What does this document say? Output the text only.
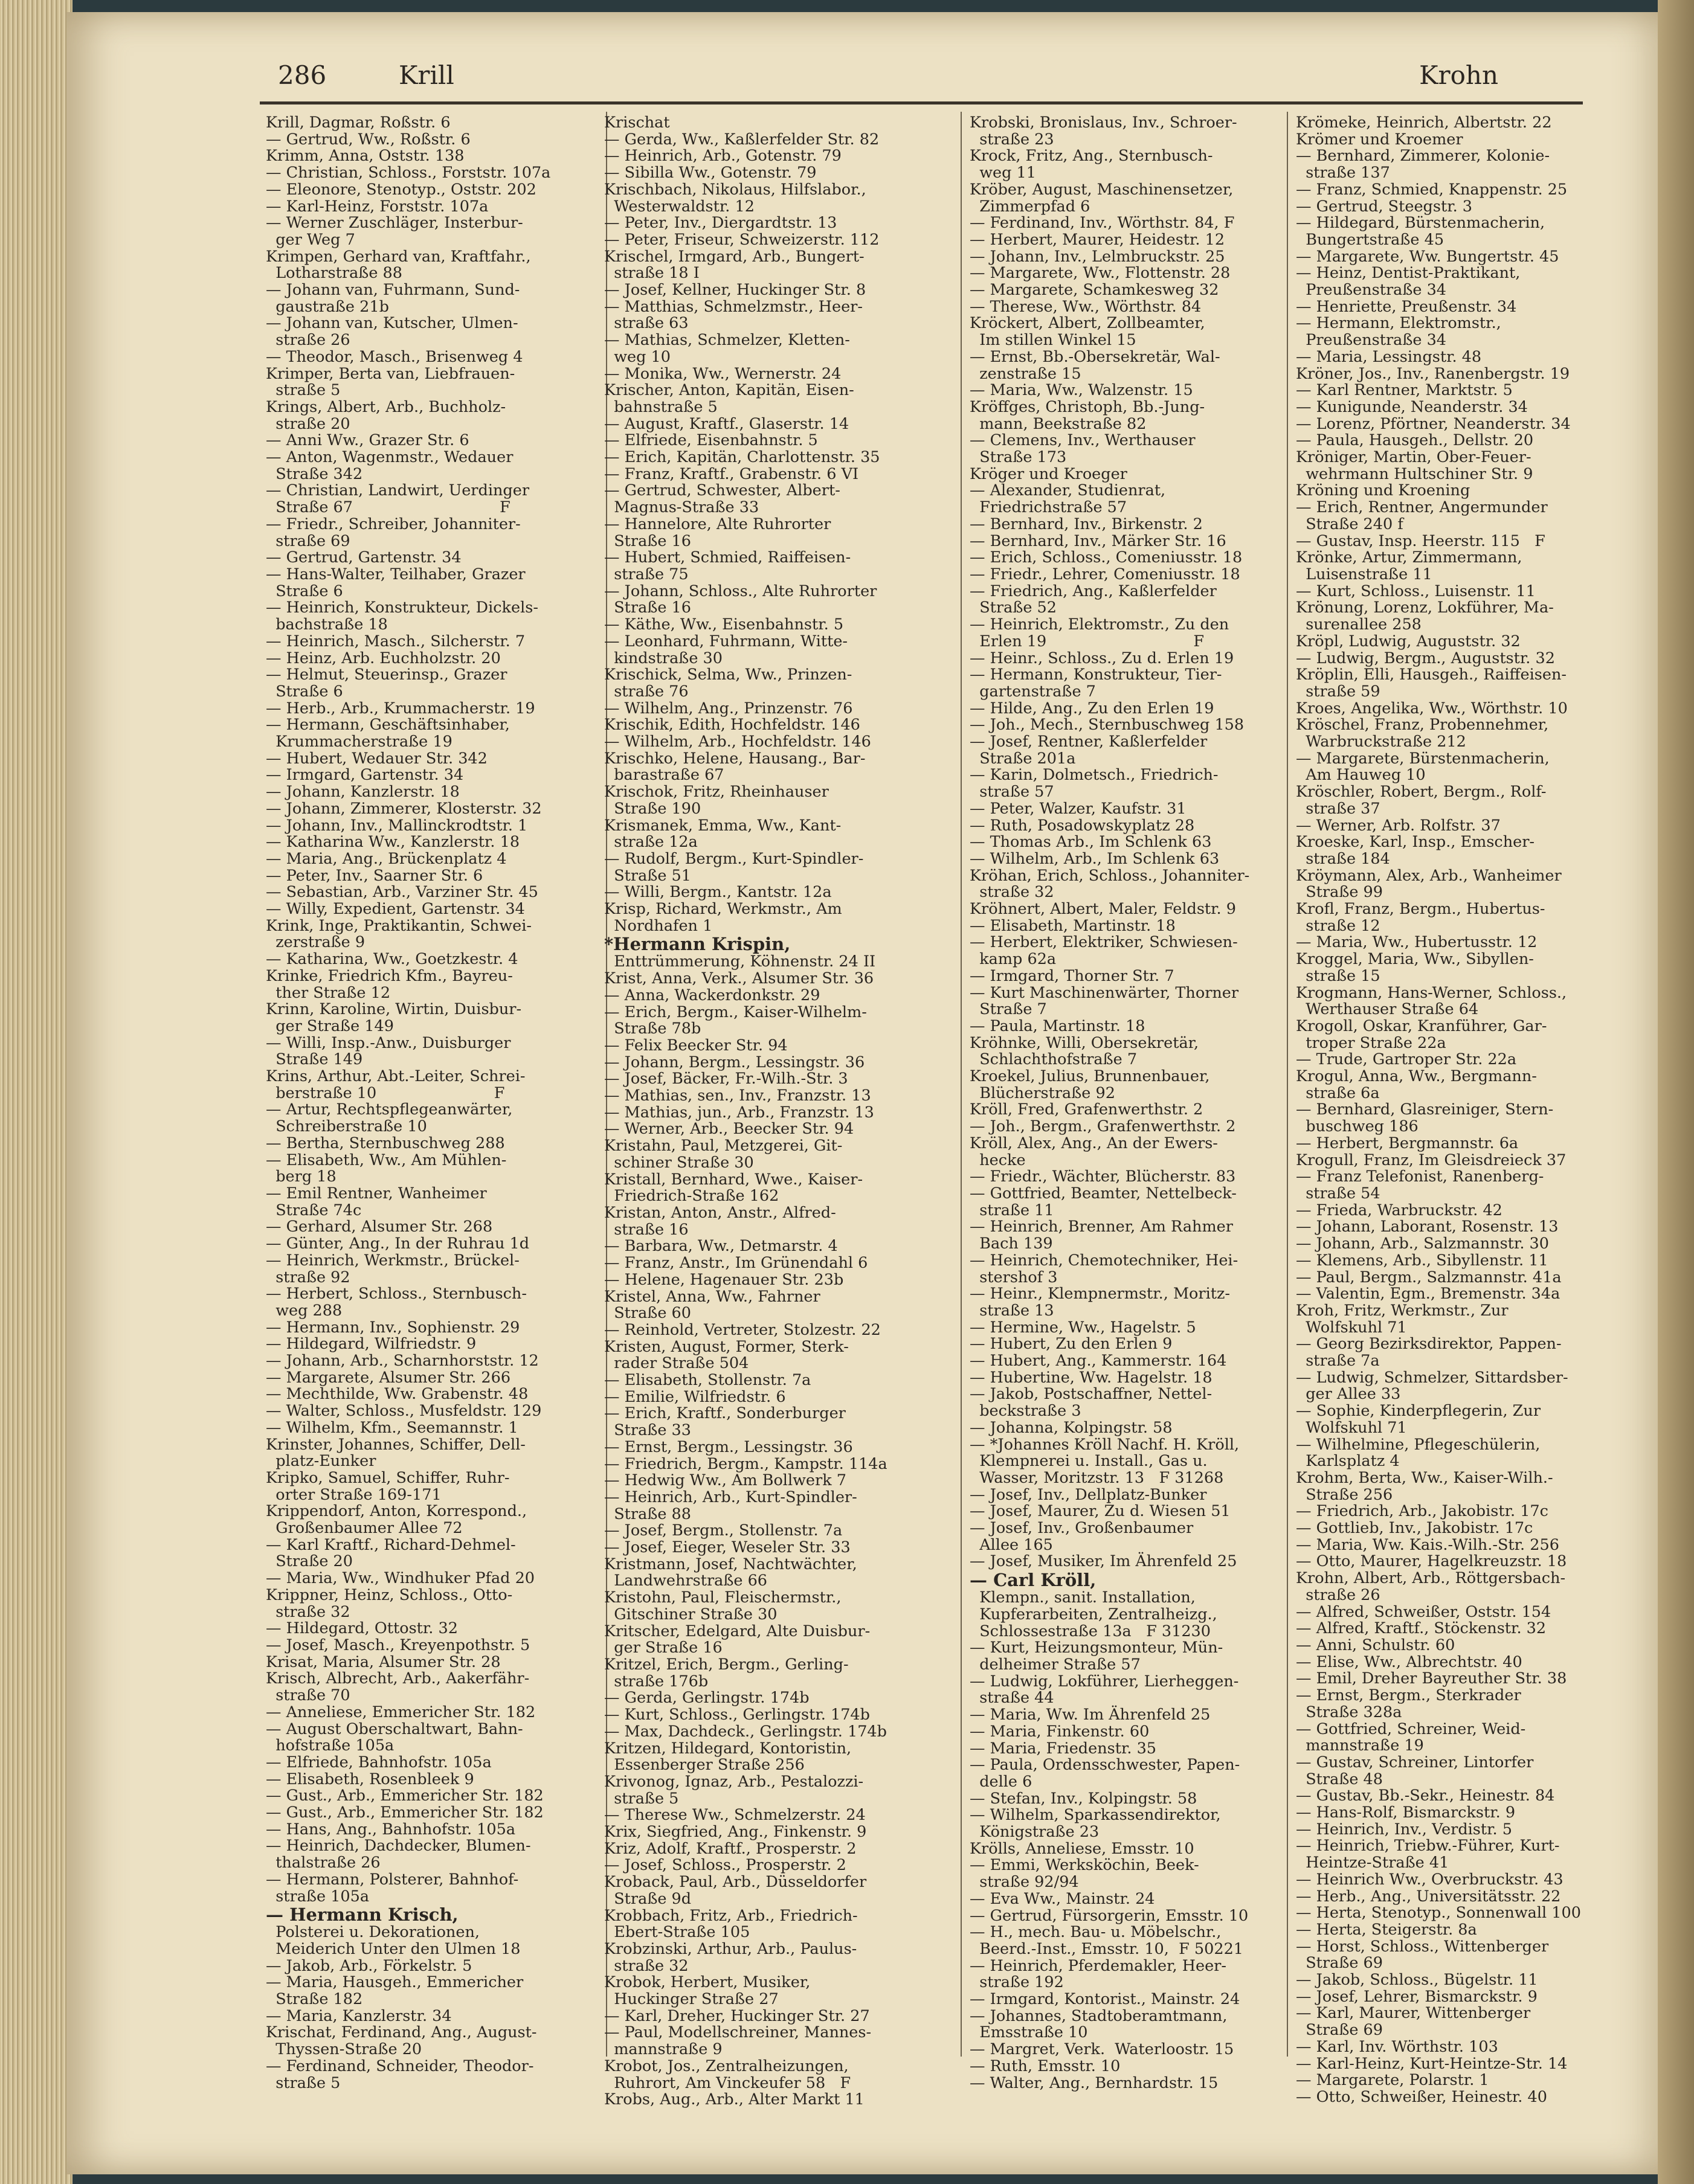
286	Krill	Krohn
Krill, Dagmar, Roßstr. 6
— Gertrud, Ww., Roßstr. 6
Krimm, Anna, Oststr. 138
— Christian, Schloss., Forststr. 107a
— Eleonore, Stenotyp., Oststr. 202
— Karl-Heinz, Forststr. 107a
— Werner Zuschläger, Insterbur-
ger Weg 7
Krimpen, Gerhard van, Kraftfahr.,
Lotharstraße 88
— Johann van, Fuhrmann, Sund-
gaustraße 21b
— Johann van, Kutscher, Ulmen-
straße 26
— Theodor, Masch., Brisenweg 4
Krimper, Berta van, Liebfrauen-
straße 5
Krings, Albert, Arb., Buchholz-
straße 20
— Anni Ww., Grazer Str. 6
— Anton, Wagenmstr., Wedauer
Straße 342
— Christian, Landwirt, Uerdinger
Straße 67                              F
— Friedr., Schreiber, Johanniter-
straße 69
— Gertrud, Gartenstr. 34
— Hans-Walter, Teilhaber, Grazer
Straße 6
— Heinrich, Konstrukteur, Dickels-
bachstraße 18
— Heinrich, Masch., Silcherstr. 7
— Heinz, Arb. Euchholzstr. 20
— Helmut, Steuerinsp., Grazer
Straße 6
— Herb., Arb., Krummacherstr. 19
— Hermann, Geschäftsinhaber,
Krummacherstraße 19
— Hubert, Wedauer Str. 342
— Irmgard, Gartenstr. 34
— Johann, Kanzlerstr. 18
— Johann, Zimmerer, Klosterstr. 32
— Johann, Inv., Mallinckrodtstr. 1
— Katharina Ww., Kanzlerstr. 18
— Maria, Ang., Brückenplatz 4
— Peter, Inv., Saarner Str. 6
— Sebastian, Arb., Varziner Str. 45
— Willy, Expedient, Gartenstr. 34
Krink, Inge, Praktikantin, Schwei-
zerstraße 9
— Katharina, Ww., Goetzkestr. 4
Krinke, Friedrich Kfm., Bayreu-
ther Straße 12
Krinn, Karoline, Wirtin, Duisbur-
ger Straße 149
— Willi, Insp.-Anw., Duisburger
Straße 149
Krins, Arthur, Abt.-Leiter, Schrei-
berstraße 10                        F
— Artur, Rechtspflegeanwärter,
Schreiberstraße 10
— Bertha, Sternbuschweg 288
— Elisabeth, Ww., Am Mühlen-
berg 18
— Emil Rentner, Wanheimer
Straße 74c
— Gerhard, Alsumer Str. 268
— Günter, Ang., In der Ruhrau 1d
— Heinrich, Werkmstr., Brückel-
straße 92
— Herbert, Schloss., Sternbusch-
weg 288
— Hermann, Inv., Sophienstr. 29
— Hildegard, Wilfriedstr. 9
— Johann, Arb., Scharnhorststr. 12
— Margarete, Alsumer Str. 266
— Mechthilde, Ww. Grabenstr. 48
— Walter, Schloss., Musfeldstr. 129
— Wilhelm, Kfm., Seemannstr. 1
Krinster, Johannes, Schiffer, Dell-
platz-Eunker
Kripko, Samuel, Schiffer, Ruhr-
orter Straße 169-171
Krippendorf, Anton, Korrespond.,
Großenbaumer Allee 72
— Karl Kraftf., Richard-Dehmel-
Straße 20
— Maria, Ww., Windhuker Pfad 20
Krippner, Heinz, Schloss., Otto-
straße 32
— Hildegard, Ottostr. 32
— Josef, Masch., Kreyenpothstr. 5
Krisat, Maria, Alsumer Str. 28
Krisch, Albrecht, Arb., Aakerfähr-
straße 70
— Anneliese, Emmericher Str. 182
— August Oberschaltwart, Bahn-
hofstraße 105a
— Elfriede, Bahnhofstr. 105a
— Elisabeth, Rosenbleek 9
— Gust., Arb., Emmericher Str. 182
— Gust., Arb., Emmericher Str. 182
— Hans, Ang., Bahnhofstr. 105a
— Heinrich, Dachdecker, Blumen-
thalstraße 26
— Hermann, Polsterer, Bahnhof-
straße 105a
— Hermann Krisch,
Polsterei u. Dekorationen,
Meiderich Unter den Ulmen 18
— Jakob, Arb., Förkelstr. 5
— Maria, Hausgeh., Emmericher
Straße 182
— Maria, Kanzlerstr. 34
Krischat, Ferdinand, Ang., August-
Thyssen-Straße 20
— Ferdinand, Schneider, Theodor-
straße 5
Krischat
— Gerda, Ww., Kaßlerfelder Str. 82
— Heinrich, Arb., Gotenstr. 79
— Sibilla Ww., Gotenstr. 79
Krischbach, Nikolaus, Hilfslabor.,
Westerwaldstr. 12
— Peter, Inv., Diergardtstr. 13
— Peter, Friseur, Schweizerstr. 112
Krischel, Irmgard, Arb., Bungert-
straße 18 I
— Josef, Kellner, Huckinger Str. 8
— Matthias, Schmelzmstr., Heer-
straße 63
— Mathias, Schmelzer, Kletten-
weg 10
— Monika, Ww., Wernerstr. 24
Krischer, Anton, Kapitän, Eisen-
bahnstraße 5
— August, Kraftf., Glaserstr. 14
— Elfriede, Eisenbahnstr. 5
— Erich, Kapitän, Charlottenstr. 35
— Franz, Kraftf., Grabenstr. 6 VI
— Gertrud, Schwester, Albert-
Magnus-Straße 33
— Hannelore, Alte Ruhrorter
Straße 16
— Hubert, Schmied, Raiffeisen-
straße 75
— Johann, Schloss., Alte Ruhrorter
Straße 16
— Käthe, Ww., Eisenbahnstr. 5
— Leonhard, Fuhrmann, Witte-
kindstraße 30
Krischick, Selma, Ww., Prinzen-
straße 76
— Wilhelm, Ang., Prinzenstr. 76
Krischik, Edith, Hochfeldstr. 146
— Wilhelm, Arb., Hochfeldstr. 146
Krischko, Helene, Hausang., Bar-
barastraße 67
Krischok, Fritz, Rheinhauser
Straße 190
Krismanek, Emma, Ww., Kant-
straße 12a
— Rudolf, Bergm., Kurt-Spindler-
Straße 51
— Willi, Bergm., Kantstr. 12a
Krisp, Richard, Werkmstr., Am
Nordhafen 1
*Hermann Krispin,
Enttrümmerung, Köhnenstr. 24 II
Krist, Anna, Verk., Alsumer Str. 36
— Anna, Wackerdonkstr. 29
— Erich, Bergm., Kaiser-Wilhelm-
Straße 78b
— Felix Beecker Str. 94
— Johann, Bergm., Lessingstr. 36
— Josef, Bäcker, Fr.-Wilh.-Str. 3
— Mathias, sen., Inv., Franzstr. 13
— Mathias, jun., Arb., Franzstr. 13
— Werner, Arb., Beecker Str. 94
Kristahn, Paul, Metzgerei, Git-
schiner Straße 30
Kristall, Bernhard, Wwe., Kaiser-
Friedrich-Straße 162
Kristan, Anton, Anstr., Alfred-
straße 16
— Barbara, Ww., Detmarstr. 4
— Franz, Anstr., Im Grünendahl 6
— Helene, Hagenauer Str. 23b
Kristel, Anna, Ww., Fahrner
Straße 60
— Reinhold, Vertreter, Stolzestr. 22
Kristen, August, Former, Sterk-
rader Straße 504
— Elisabeth, Stollenstr. 7a
— Emilie, Wilfriedstr. 6
— Erich, Kraftf., Sonderburger
Straße 33
— Ernst, Bergm., Lessingstr. 36
— Friedrich, Bergm., Kampstr. 114a
— Hedwig Ww., Am Bollwerk 7
— Heinrich, Arb., Kurt-Spindler-
Straße 88
— Josef, Bergm., Stollenstr. 7a
— Josef, Eieger, Weseler Str. 33
Kristmann, Josef, Nachtwächter,
Landwehrstraße 66
Kristohn, Paul, Fleischermstr.,
Gitschiner Straße 30
Kritscher, Edelgard, Alte Duisbur-
ger Straße 16
Kritzel, Erich, Bergm., Gerling-
straße 176b
— Gerda, Gerlingstr. 174b
— Kurt, Schloss., Gerlingstr. 174b
— Max, Dachdeck., Gerlingstr. 174b
Kritzen, Hildegard, Kontoristin,
Essenberger Straße 256
Krivonog, Ignaz, Arb., Pestalozzi-
straße 5
— Therese Ww., Schmelzerstr. 24
Krix, Siegfried, Ang., Finkenstr. 9
Kriz, Adolf, Kraftf., Prosperstr. 2
— Josef, Schloss., Prosperstr. 2
Kroback, Paul, Arb., Düsseldorfer
Straße 9d
Krobbach, Fritz, Arb., Friedrich-
Ebert-Straße 105
Krobzinski, Arthur, Arb., Paulus-
straße 32
Krobok, Herbert, Musiker,
Huckinger Straße 27
— Karl, Dreher, Huckinger Str. 27
— Paul, Modellschreiner, Mannes-
mannstraße 9
Krobot, Jos., Zentralheizungen,
Ruhrort, Am Vinckeufer 58   F
Krobs, Aug., Arb., Alter Markt 11
Krobski, Bronislaus, Inv., Schroer-
straße 23
Krock, Fritz, Ang., Sternbusch-
weg 11
Kröber, August, Maschinensetzer,
Zimmerpfad 6
— Ferdinand, Inv., Wörthstr. 84, F
— Herbert, Maurer, Heidestr. 12
— Johann, Inv., Lelmbruckstr. 25
— Margarete, Ww., Flottenstr. 28
— Margarete, Schamkesweg 32
— Therese, Ww., Wörthstr. 84
Kröckert, Albert, Zollbeamter,
Im stillen Winkel 15
— Ernst, Bb.-Obersekretär, Wal-
zenstraße 15
— Maria, Ww., Walzenstr. 15
Kröffges, Christoph, Bb.-Jung-
mann, Beekstraße 82
— Clemens, Inv., Werthauser
Straße 173
Kröger und Kroeger
— Alexander, Studienrat,
Friedrichstraße 57
— Bernhard, Inv., Birkenstr. 2
— Bernhard, Inv., Märker Str. 16
— Erich, Schloss., Comeniusstr. 18
— Friedr., Lehrer, Comeniusstr. 18
— Friedrich, Ang., Kaßlerfelder
Straße 52
— Heinrich, Elektromstr., Zu den
Erlen 19                              F
— Heinr., Schloss., Zu d. Erlen 19
— Hermann, Konstrukteur, Tier-
gartenstraße 7
— Hilde, Ang., Zu den Erlen 19
— Joh., Mech., Sternbuschweg 158
— Josef, Rentner, Kaßlerfelder
Straße 201a
— Karin, Dolmetsch., Friedrich-
straße 57
— Peter, Walzer, Kaufstr. 31
— Ruth, Posadowskyplatz 28
— Thomas Arb., Im Schlenk 63
— Wilhelm, Arb., Im Schlenk 63
Kröhan, Erich, Schloss., Johanniter-
straße 32
Kröhnert, Albert, Maler, Feldstr. 9
— Elisabeth, Martinstr. 18
— Herbert, Elektriker, Schwiesen-
kamp 62a
— Irmgard, Thorner Str. 7
— Kurt Maschinenwärter, Thorner
Straße 7
— Paula, Martinstr. 18
Kröhnke, Willi, Obersekretär,
Schlachthofstraße 7
Kroekel, Julius, Brunnenbauer,
Blücherstraße 92
Kröll, Fred, Grafenwerthstr. 2
— Joh., Bergm., Grafenwerthstr. 2
Kröll, Alex, Ang., An der Ewers-
hecke
— Friedr., Wächter, Blücherstr. 83
— Gottfried, Beamter, Nettelbeck-
straße 11
— Heinrich, Brenner, Am Rahmer
Bach 139
— Heinrich, Chemotechniker, Hei-
stershof 3
— Heinr., Klempnermstr., Moritz-
straße 13
— Hermine, Ww., Hagelstr. 5
— Hubert, Zu den Erlen 9
— Hubert, Ang., Kammerstr. 164
— Hubertine, Ww. Hagelstr. 18
— Jakob, Postschaffner, Nettel-
beckstraße 3
— Johanna, Kolpingstr. 58
— *Johannes Kröll Nachf. H. Kröll,
Klempnerei u. Install., Gas u.
Wasser, Moritzstr. 13   F 31268
— Josef, Inv., Dellplatz-Bunker
— Josef, Maurer, Zu d. Wiesen 51
— Josef, Inv., Großenbaumer
Allee 165
— Josef, Musiker, Im Ährenfeld 25
— Carl Kröll,
Klempn., sanit. Installation,
Kupferarbeiten, Zentralheizg.,
Schlossestraße 13a   F 31230
— Kurt, Heizungsmonteur, Mün-
delheimer Straße 57
— Ludwig, Lokführer, Lierheggen-
straße 44
— Maria, Ww. Im Ährenfeld 25
— Maria, Finkenstr. 60
— Maria, Friedenstr. 35
— Paula, Ordensschwester, Papen-
delle 6
— Stefan, Inv., Kolpingstr. 58
— Wilhelm, Sparkassendirektor,
Königstraße 23
Krölls, Anneliese, Emsstr. 10
— Emmi, Werksköchin, Beek-
straße 92/94
— Eva Ww., Mainstr. 24
— Gertrud, Fürsorgerin, Emsstr. 10
— H., mech. Bau- u. Möbelschr.,
Beerd.-Inst., Emsstr. 10,  F 50221
— Heinrich, Pferdemakler, Heer-
straße 192
— Irmgard, Kontorist., Mainstr. 24
— Johannes, Stadtoberamtmann,
Emsstraße 10
— Margret, Verk.  Waterloostr. 15
— Ruth, Emsstr. 10
— Walter, Ang., Bernhardstr. 15
Krömeke, Heinrich, Albertstr. 22
Krömer und Kroemer
— Bernhard, Zimmerer, Kolonie-
straße 137
— Franz, Schmied, Knappenstr. 25
— Gertrud, Steegstr. 3
— Hildegard, Bürstenmacherin,
Bungertstraße 45
— Margarete, Ww. Bungertstr. 45
— Heinz, Dentist-Praktikant,
Preußenstraße 34
— Henriette, Preußenstr. 34
— Hermann, Elektromstr.,
Preußenstraße 34
— Maria, Lessingstr. 48
Kröner, Jos., Inv., Ranenbergstr. 19
— Karl Rentner, Marktstr. 5
— Kunigunde, Neanderstr. 34
— Lorenz, Pförtner, Neanderstr. 34
— Paula, Hausgeh., Dellstr. 20
Kröniger, Martin, Ober-Feuer-
wehrmann Hultschiner Str. 9
Kröning und Kroening
— Erich, Rentner, Angermunder
Straße 240 f
— Gustav, Insp. Heerstr. 115   F
Krönke, Artur, Zimmermann,
Luisenstraße 11
— Kurt, Schloss., Luisenstr. 11
Krönung, Lorenz, Lokführer, Ma-
surenallee 258
Kröpl, Ludwig, Auguststr. 32
— Ludwig, Bergm., Auguststr. 32
Kröplin, Elli, Hausgeh., Raiffeisen-
straße 59
Kroes, Angelika, Ww., Wörthstr. 10
Kröschel, Franz, Probennehmer,
Warbruckstraße 212
— Margarete, Bürstenmacherin,
Am Hauweg 10
Kröschler, Robert, Bergm., Rolf-
straße 37
— Werner, Arb. Rolfstr. 37
Kroeske, Karl, Insp., Emscher-
straße 184
Kröymann, Alex, Arb., Wanheimer
Straße 99
Krofl, Franz, Bergm., Hubertus-
straße 12
— Maria, Ww., Hubertusstr. 12
Kroggel, Maria, Ww., Sibyllen-
straße 15
Krogmann, Hans-Werner, Schloss.,
Werthauser Straße 64
Krogoll, Oskar, Kranführer, Gar-
troper Straße 22a
— Trude, Gartroper Str. 22a
Krogul, Anna, Ww., Bergmann-
straße 6a
— Bernhard, Glasreiniger, Stern-
buschweg 186
— Herbert, Bergmannstr. 6a
Krogull, Franz, Im Gleisdreieck 37
— Franz Telefonist, Ranenberg-
straße 54
— Frieda, Warbruckstr. 42
— Johann, Laborant, Rosenstr. 13
— Johann, Arb., Salzmannstr. 30
— Klemens, Arb., Sibyllenstr. 11
— Paul, Bergm., Salzmannstr. 41a
— Valentin, Egm., Bremenstr. 34a
Kroh, Fritz, Werkmstr., Zur
Wolfskuhl 71
— Georg Bezirksdirektor, Pappen-
straße 7a
— Ludwig, Schmelzer, Sittardsber-
ger Allee 33
— Sophie, Kinderpflegerin, Zur
Wolfskuhl 71
— Wilhelmine, Pflegeschülerin,
Karlsplatz 4
Krohm, Berta, Ww., Kaiser-Wilh.-
Straße 256
— Friedrich, Arb., Jakobistr. 17c
— Gottlieb, Inv., Jakobistr. 17c
— Maria, Ww. Kais.-Wilh.-Str. 256
— Otto, Maurer, Hagelkreuzstr. 18
Krohn, Albert, Arb., Röttgersbach-
straße 26
— Alfred, Schweißer, Oststr. 154
— Alfred, Kraftf., Stöckenstr. 32
— Anni, Schulstr. 60
— Elise, Ww., Albrechtstr. 40
— Emil, Dreher Bayreuther Str. 38
— Ernst, Bergm., Sterkrader
Straße 328a
— Gottfried, Schreiner, Weid-
mannstraße 19
— Gustav, Schreiner, Lintorfer
Straße 48
— Gustav, Bb.-Sekr., Heinestr. 84
— Hans-Rolf, Bismarckstr. 9
— Heinrich, Inv., Verdistr. 5
— Heinrich, Triebw.-Führer, Kurt-
Heintze-Straße 41
— Heinrich Ww., Overbruckstr. 43
— Herb., Ang., Universitätsstr. 22
— Herta, Stenotyp., Sonnenwall 100
— Herta, Steigerstr. 8a
— Horst, Schloss., Wittenberger
Straße 69
— Jakob, Schloss., Bügelstr. 11
— Josef, Lehrer, Bismarckstr. 9
— Karl, Maurer, Wittenberger
Straße 69
— Karl, Inv. Wörthstr. 103
— Karl-Heinz, Kurt-Heintze-Str. 14
— Margarete, Polarstr. 1
— Otto, Schweißer, Heinestr. 40
